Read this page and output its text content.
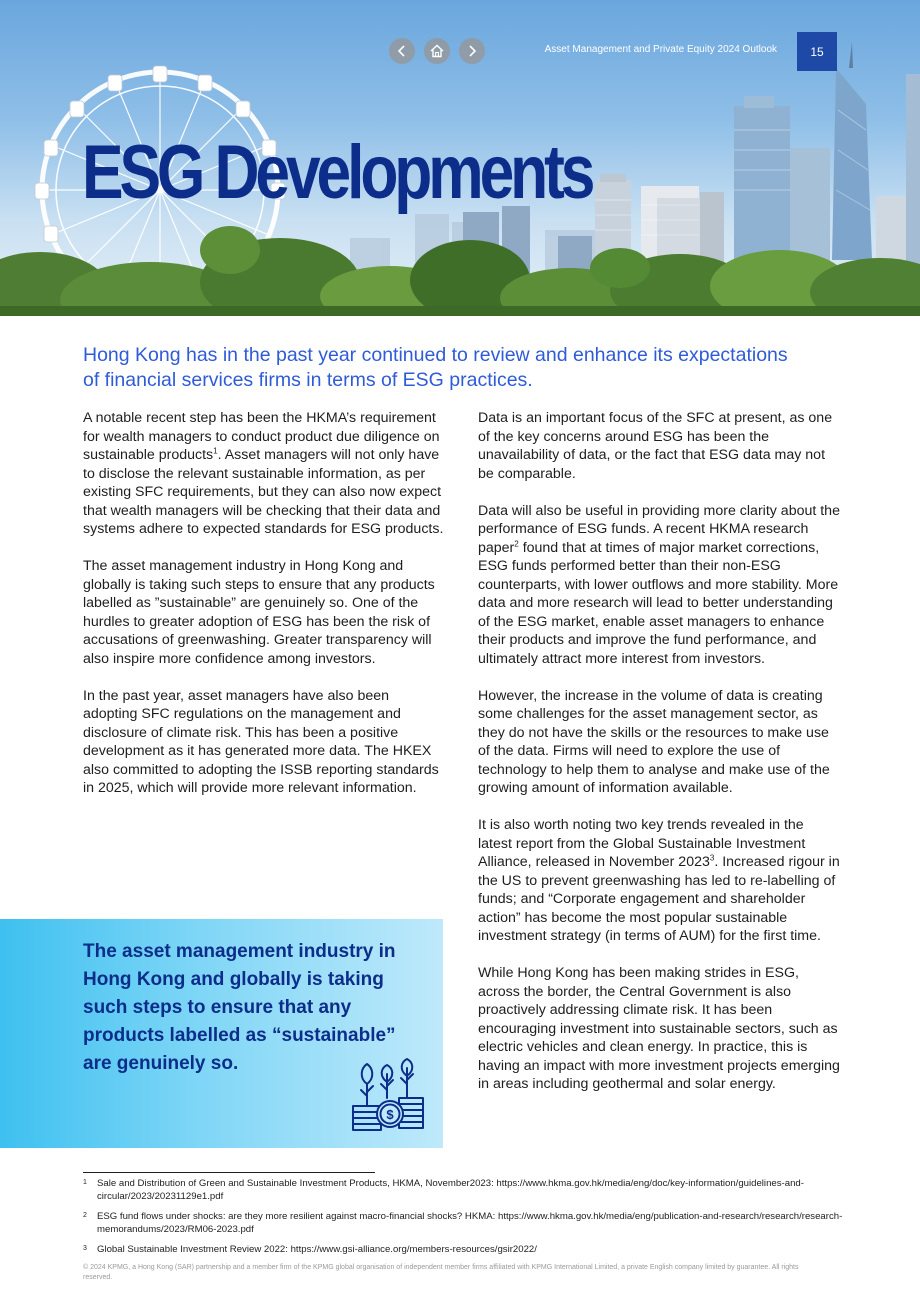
ESG Developments
Asset Management and Private Equity 2024 Outlook	15
Hong Kong has in the past year continued to review and enhance its expectations of financial services firms in terms of ESG practices.

A notable recent step has been the HKMA’s requirement for wealth managers to conduct product due diligence on sustainable products$^1$. Asset managers will not only have to disclose the relevant sustainable information, as per existing SFC requirements, but they can also now expect that wealth managers will be checking that their data and systems adhere to expected standards for ESG products.

The asset management industry in Hong Kong and globally is taking such steps to ensure that any products labelled as ”sustainable” are genuinely so. One of the hurdles to greater adoption of ESG has been the risk of accusations of greenwashing. Greater transparency will also inspire more confidence among investors.

In the past year, asset managers have also been adopting SFC regulations on the management and disclosure of climate risk. This has been a positive development as it has generated more data. The HKEX also committed to adopting the ISSB reporting standards in 2025, which will provide more relevant information.

Data is an important focus of the SFC at present, as one of the key concerns around ESG has been the unavailability of data, or the fact that ESG data may not be comparable.

Data will also be useful in providing more clarity about the performance of ESG funds. A recent HKMA research paper$^2$ found that at times of major market corrections, ESG funds performed better than their non-ESG counterparts, with lower outflows and more stability. More data and more research will lead to better understanding of the ESG market, enable asset managers to enhance their products and improve the fund performance, and ultimately attract more interest from investors.

However, the increase in the volume of data is creating some challenges for the asset management sector, as they do not have the skills or the resources to make use of the data. Firms will need to explore the use of technology to help them to analyse and make use of the growing amount of information available.

It is also worth noting two key trends revealed in the latest report from the Global Sustainable Investment Alliance, released in November 2023$^3$. Increased rigour in the US to prevent greenwashing has led to re-labelling of funds; and “Corporate engagement and shareholder action” has become the most popular sustainable investment strategy (in terms of AUM) for the first time.

While Hong Kong has been making strides in ESG, across the border, the Central Government is also proactively addressing climate risk. It has been encouraging investment into sustainable sectors, such as electric vehicles and clean energy. In practice, this is having an impact with more investment projects emerging in areas including geothermal and solar energy.

The asset management industry in Hong Kong and globally is taking such steps to ensure that any products labelled as “sustainable” are genuinely so.
$
1	Sale and Distribution of Green and Sustainable Investment Products, HKMA, November2023: https://www.hkma.gov.hk/media/eng/doc/key-information/guidelines-and-circular/2023/20231129e1.pdf
2	ESG fund flows under shocks: are they more resilient against macro-financial shocks? HKMA: https://www.hkma.gov.hk/media/eng/publication-and-research/research/research-memorandums/2023/RM06-2023.pdf
3	Global Sustainable Investment Review 2022: https://www.gsi-alliance.org/members-resources/gsir2022/
© 2024 KPMG, a Hong Kong (SAR) partnership and a member firm of the KPMG global organisation of independent member firms affiliated with KPMG International Limited, a private English company limited by guarantee. All rights reserved.
